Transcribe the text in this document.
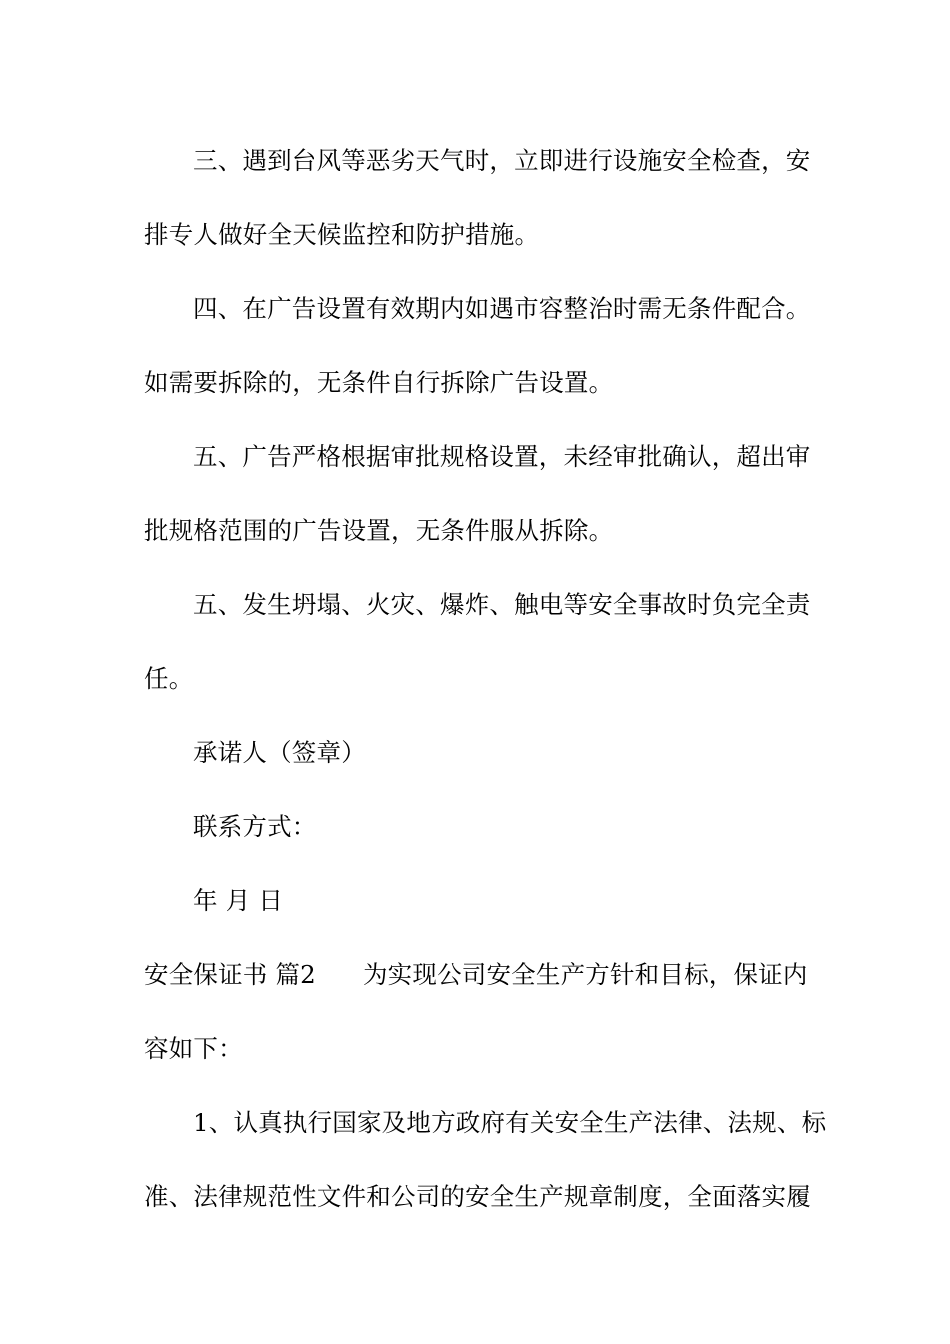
三、遇到台风等恶劣天气时，立即进行设施安全检查，安
排专人做好全天候监控和防护措施。
四、在广告设置有效期内如遇市容整治时需无条件配合。
如需要拆除的，无条件自行拆除广告设置。
五、广告严格根据审批规格设置，未经审批确认，超出审
批规格范围的广告设置，无条件服从拆除。
五、发生坍塌、火灾、爆炸、触电等安全事故时负完全责
任。
承诺人（签章）
联系方式：
年 月 日
安全保证书 篇2 为实现公司安全生产方针和目标，保证内
容如下：
1、认真执行国家及地方政府有关安全生产法律、法规、标
准、法律规范性文件和公司的安全生产规章制度，全面落实履
